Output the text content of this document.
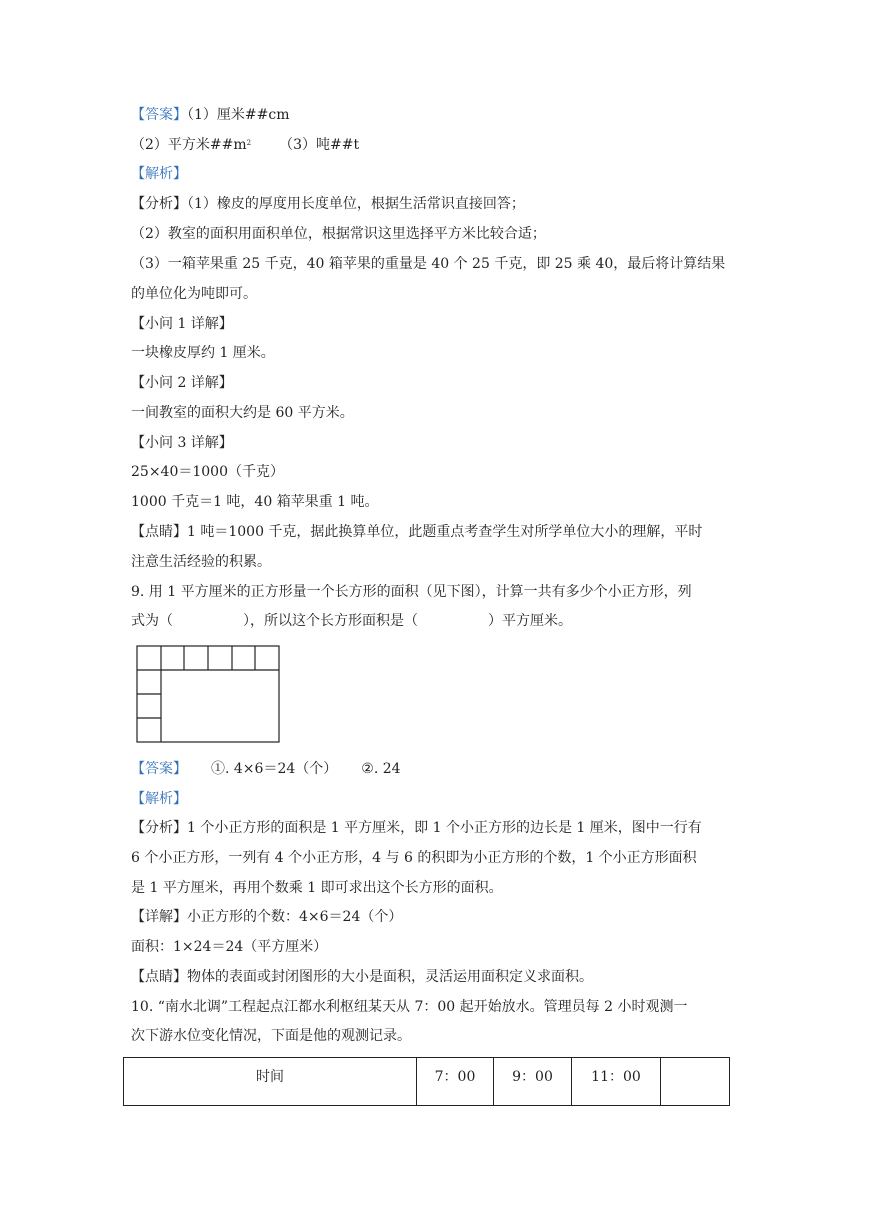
【答案】（1）厘米##cm
（2）平方米$\#\#m^2$ （3）吨##t
【解析】
【分析】（1）橡皮的厚度用长度单位，根据生活常识直接回答；
（2）教室的面积用面积单位，根据常识这里选择平方米比较合适；
（3）一箱苹果重 25 千克，40 箱苹果的重量是 40 个 25 千克，即 25 乘 40，最后将计算结果
的单位化为吨即可。
【小问 1 详解】
一块橡皮厚约 1 厘米。
【小问 2 详解】
一间教室的面积大约是 60 平方米。
【小问 3 详解】
25×40＝1000（千克）
1000 千克＝1 吨，40 箱苹果重 1 吨。
【点睛】1 吨＝1000 千克，据此换算单位，此题重点考查学生对所学单位大小的理解，平时
注意生活经验的积累。
9. 用 1 平方厘米的正方形量一个长方形的面积（见下图），计算一共有多少个小正方形，列
式为（	），所以这个长方形面积是（	）平方厘米。
【答案】 ①. 4×6＝24（个） ②. 24
【解析】
【分析】1 个小正方形的面积是 1 平方厘米，即 1 个小正方形的边长是 1 厘米，图中一行有
6 个小正方形，一列有 4 个小正方形，4 与 6 的积即为小正方形的个数，1 个小正方形面积
是 1 平方厘米，再用个数乘 1 即可求出这个长方形的面积。
【详解】小正方形的个数：4×6＝24（个）
面积：1×24＝24（平方厘米）
【点睛】物体的表面或封闭图形的大小是面积，灵活运用面积定义求面积。
10. “南水北调”工程起点江都水利枢纽某天从 7：00 起开始放水。管理员每 2 小时观测一
次下游水位变化情况，下面是他的观测记录。
时间	7：00	9：00	11：00	
